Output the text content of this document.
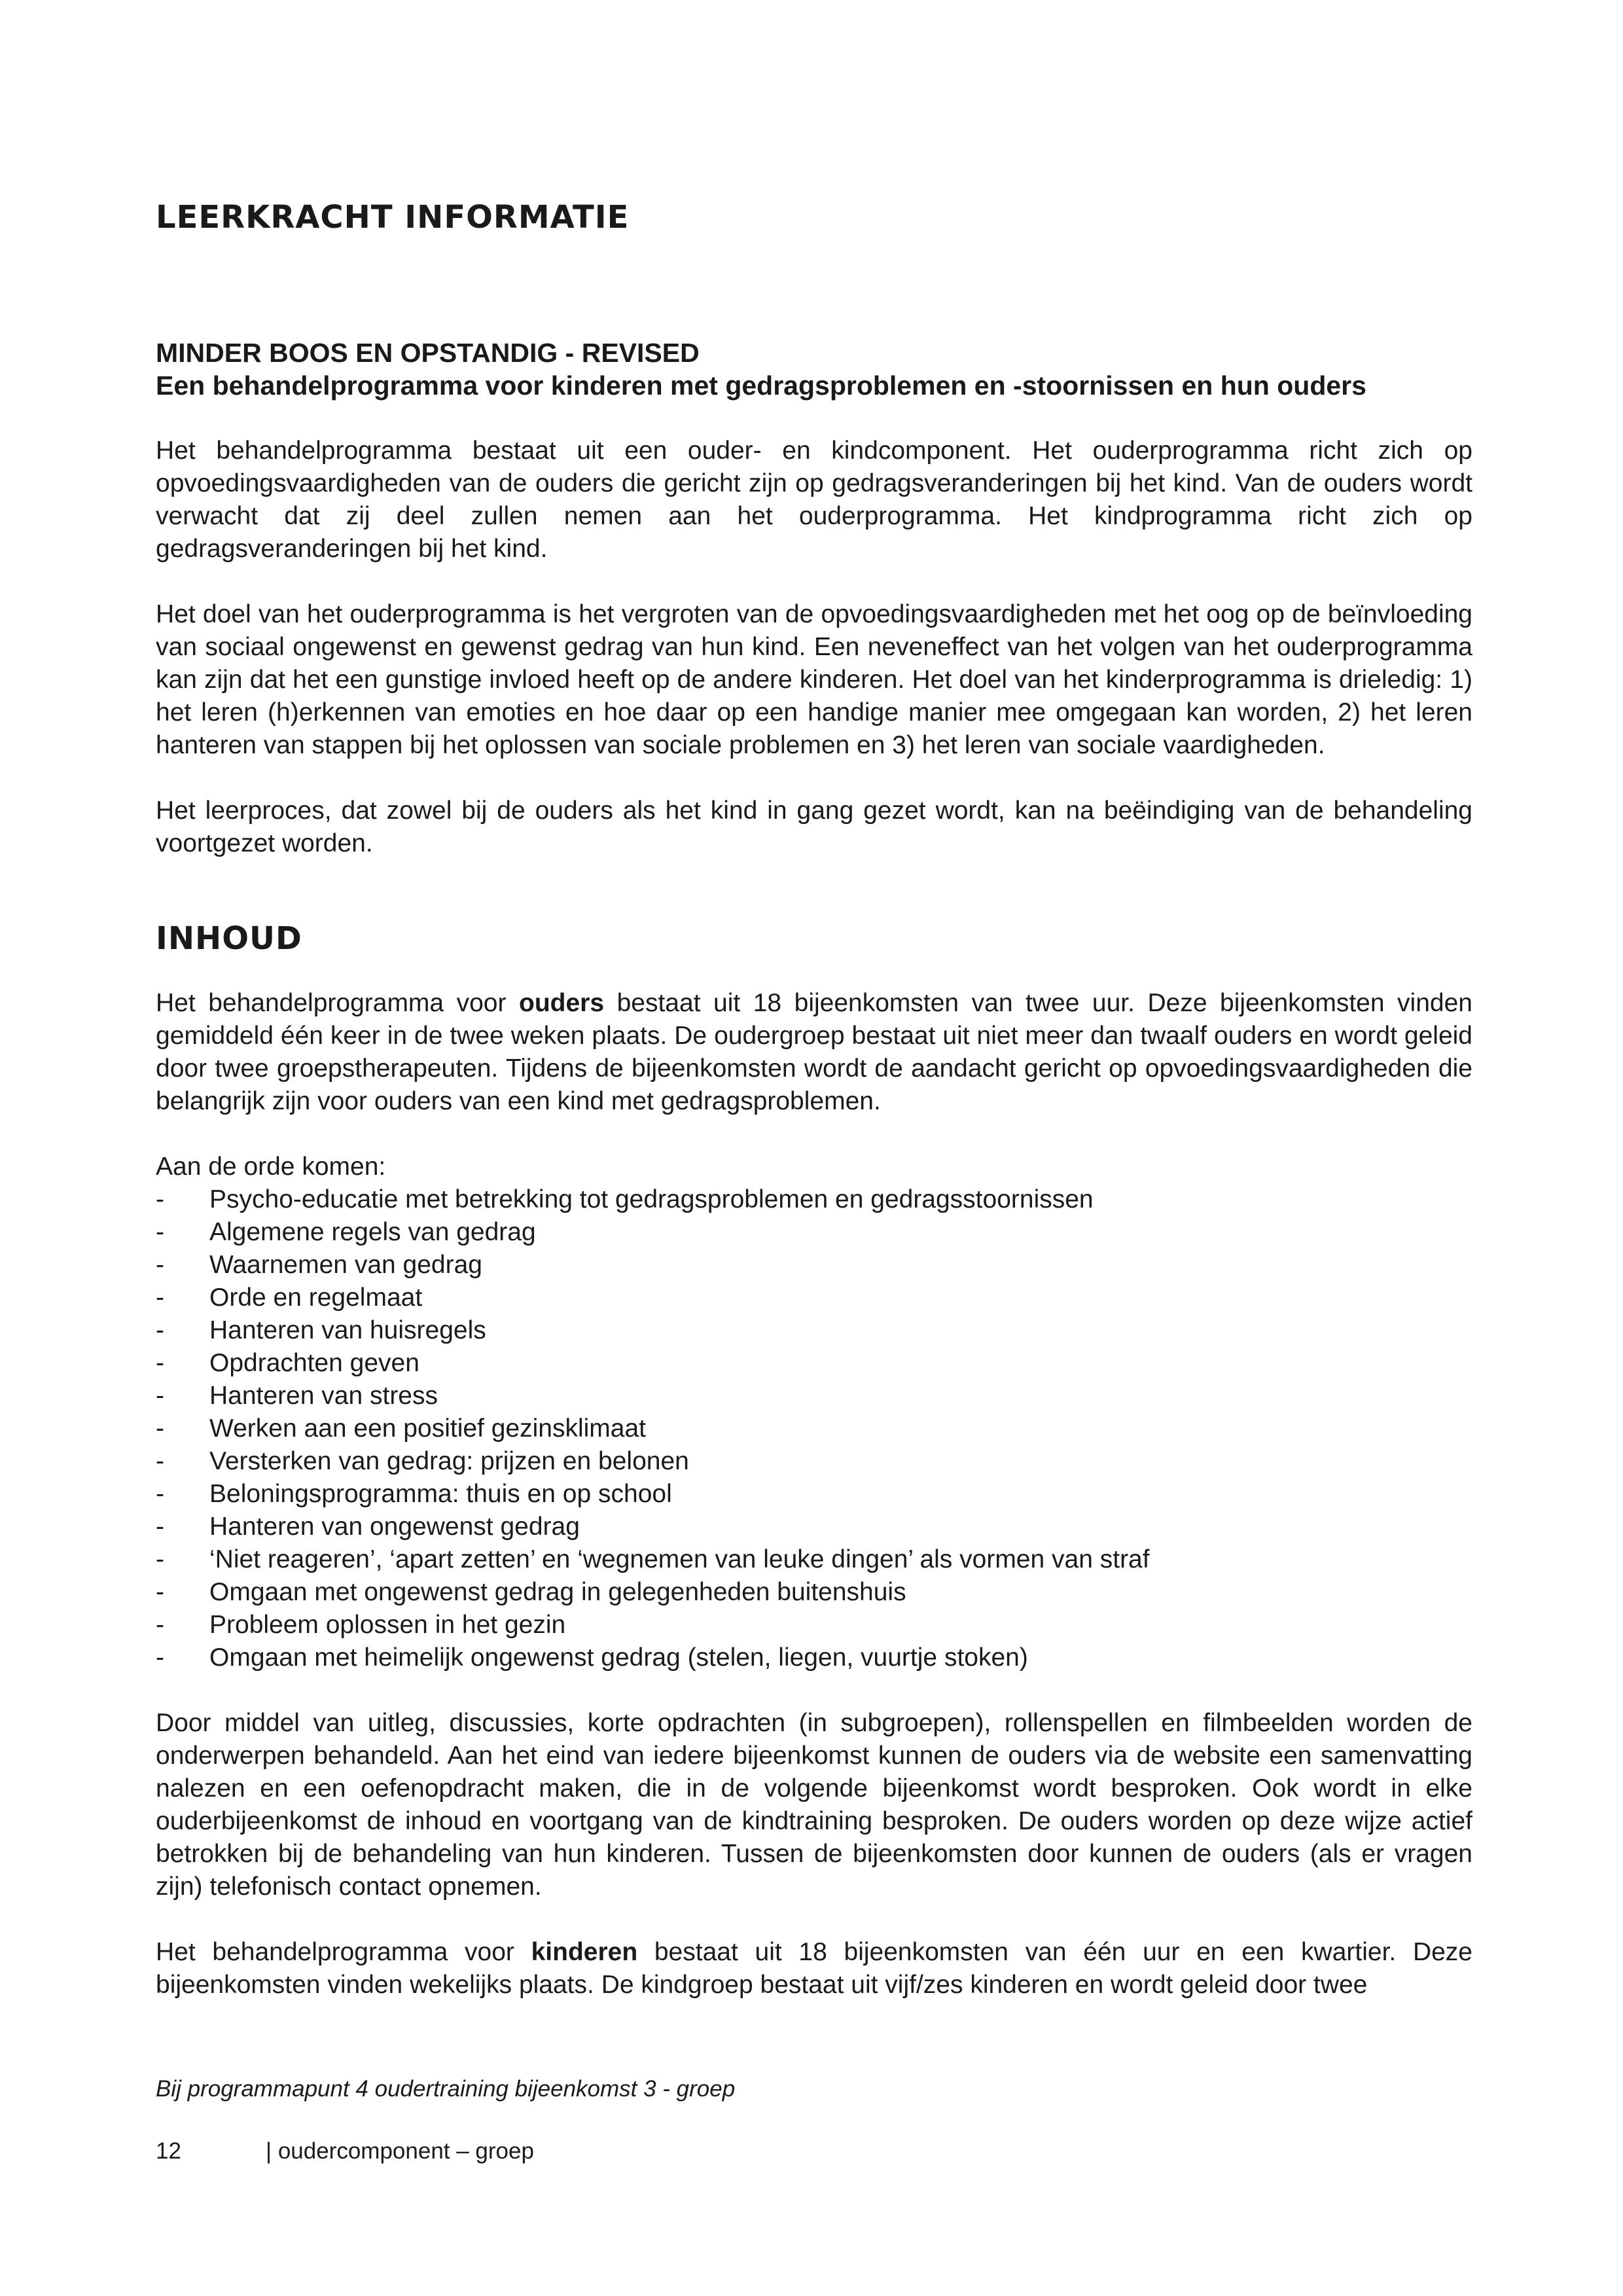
LEERKRACHT INFORMATIE
MINDER BOOS EN OPSTANDIG - REVISED
Een behandelprogramma voor kinderen met gedragsproblemen en -stoornissen en hun ouders

Het behandelprogramma bestaat uit een ouder- en kindcomponent. Het ouderprogramma richt zich op opvoedingsvaardigheden van de ouders die gericht zijn op gedragsveranderingen bij het kind. Van de ouders wordt verwacht dat zij deel zullen nemen aan het ouderprogramma. Het kindprogramma richt zich op gedragsveranderingen bij het kind.

Het doel van het ouderprogramma is het vergroten van de opvoedingsvaardigheden met het oog op de beïnvloeding van sociaal ongewenst en gewenst gedrag van hun kind. Een neveneffect van het volgen van het ouderprogramma kan zijn dat het een gunstige invloed heeft op de andere kinderen. Het doel van het kinderprogramma is drieledig: 1) het leren (h)erkennen van emoties en hoe daar op een handige manier mee omgegaan kan worden, 2) het leren hanteren van stappen bij het oplossen van sociale problemen en 3) het leren van sociale vaardigheden.

Het leerproces, dat zowel bij de ouders als het kind in gang gezet wordt, kan na beëindiging van de behandeling voortgezet worden.

INHOUD

Het behandelprogramma voor ouders bestaat uit 18 bijeenkomsten van twee uur. Deze bijeenkomsten vinden gemiddeld één keer in de twee weken plaats. De oudergroep bestaat uit niet meer dan twaalf ouders en wordt geleid door twee groepstherapeuten. Tijdens de bijeenkomsten wordt de aandacht gericht op opvoedingsvaardigheden die belangrijk zijn voor ouders van een kind met gedragsproblemen.

Aan de orde komen:

- Psycho-educatie met betrekking tot gedragsproblemen en gedragsstoornissen
- Algemene regels van gedrag
- Waarnemen van gedrag
- Orde en regelmaat
- Hanteren van huisregels
- Opdrachten geven
- Hanteren van stress
- Werken aan een positief gezinsklimaat
- Versterken van gedrag: prijzen en belonen
- Beloningsprogramma: thuis en op school
- Hanteren van ongewenst gedrag
- ‘Niet reageren’, ‘apart zetten’ en ‘wegnemen van leuke dingen’ als vormen van straf
- Omgaan met ongewenst gedrag in gelegenheden buitenshuis
- Probleem oplossen in het gezin
- Omgaan met heimelijk ongewenst gedrag (stelen, liegen, vuurtje stoken)

Door middel van uitleg, discussies, korte opdrachten (in subgroepen), rollenspellen en filmbeelden worden de onderwerpen behandeld. Aan het eind van iedere bijeenkomst kunnen de ouders via de website een samenvatting nalezen en een oefenopdracht maken, die in de volgende bijeenkomst wordt besproken. Ook wordt in elke ouderbijeenkomst de inhoud en voortgang van de kindtraining besproken. De ouders worden op deze wijze actief betrokken bij de behandeling van hun kinderen. Tussen de bijeenkomsten door kunnen de ouders (als er vragen zijn) telefonisch contact opnemen.

Het behandelprogramma voor kinderen bestaat uit 18 bijeenkomsten van één uur en een kwartier. Deze bijeenkomsten vinden wekelijks plaats. De kindgroep bestaat uit vijf/zes kinderen en wordt geleid door twee

Bij programmapunt 4 oudertraining bijeenkomst 3 - groep
12	| oudercomponent – groep
